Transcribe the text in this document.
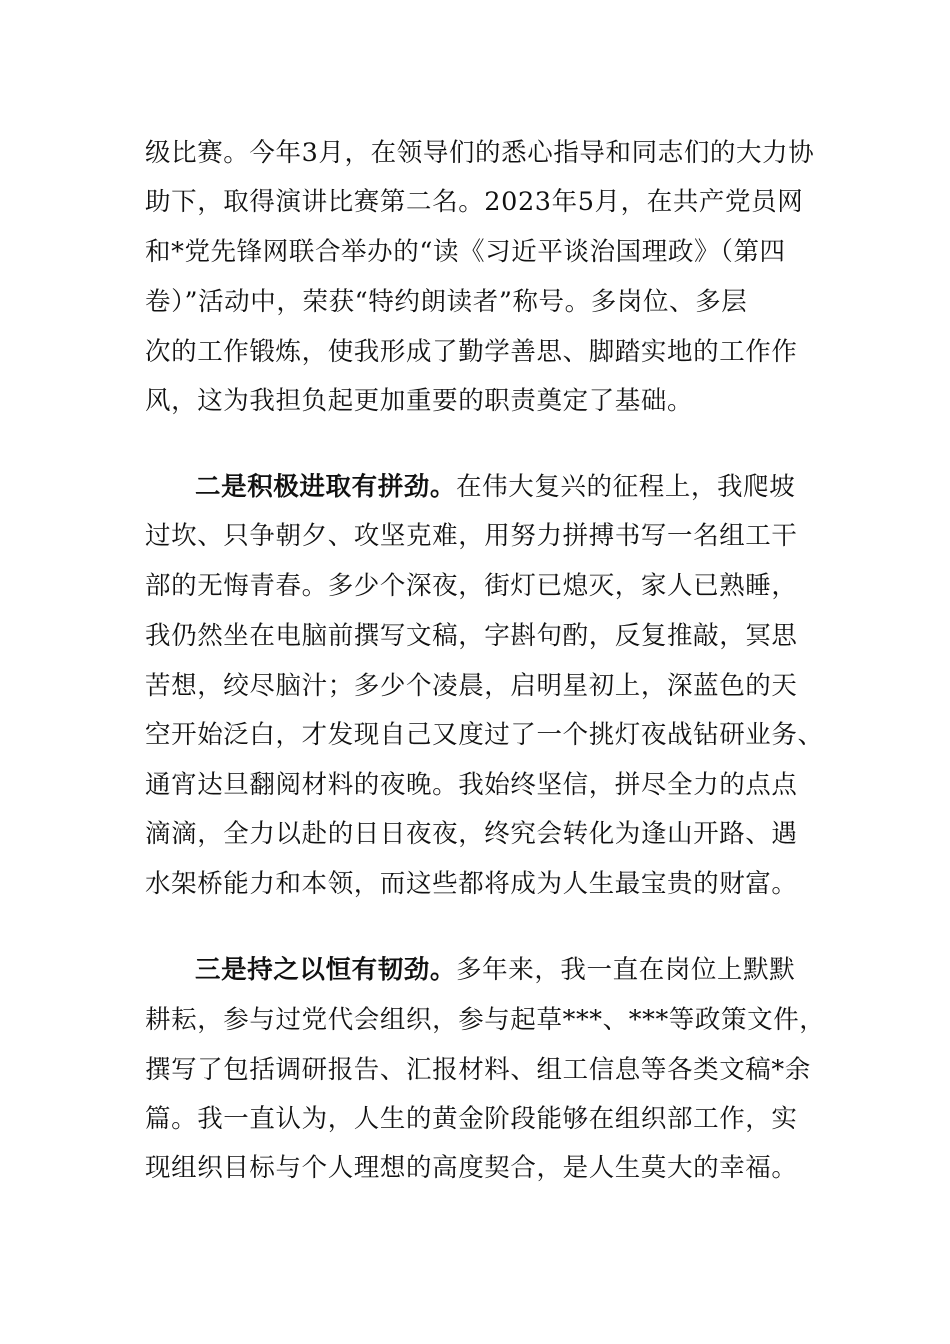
级比赛。今年3月，在领导们的悉心指导和同志们的大力协
助下，取得演讲比赛第二名。2023年5月，在共产党员网
和*党先锋网联合举办的“读《习近平谈治国理政》（第四
卷）”活动中，荣获“特约朗读者”称号。多岗位、多层
次的工作锻炼，使我形成了勤学善思、脚踏实地的工作作
风，这为我担负起更加重要的职责奠定了基础。
二是积极进取有拼劲。在伟大复兴的征程上，我爬坡
过坎、只争朝夕、攻坚克难，用努力拼搏书写一名组工干
部的无悔青春。多少个深夜，街灯已熄灭，家人已熟睡，
我仍然坐在电脑前撰写文稿，字斟句酌，反复推敲，冥思
苦想，绞尽脑汁；多少个凌晨，启明星初上，深蓝色的天
空开始泛白，才发现自己又度过了一个挑灯夜战钻研业务、
通宵达旦翻阅材料的夜晚。我始终坚信，拼尽全力的点点
滴滴，全力以赴的日日夜夜，终究会转化为逢山开路、遇
水架桥能力和本领，而这些都将成为人生最宝贵的财富。
三是持之以恒有韧劲。多年来，我一直在岗位上默默
耕耘，参与过党代会组织，参与起草***、***等政策文件，
撰写了包括调研报告、汇报材料、组工信息等各类文稿*余
篇。我一直认为，人生的黄金阶段能够在组织部工作，实
现组织目标与个人理想的高度契合，是人生莫大的幸福。
